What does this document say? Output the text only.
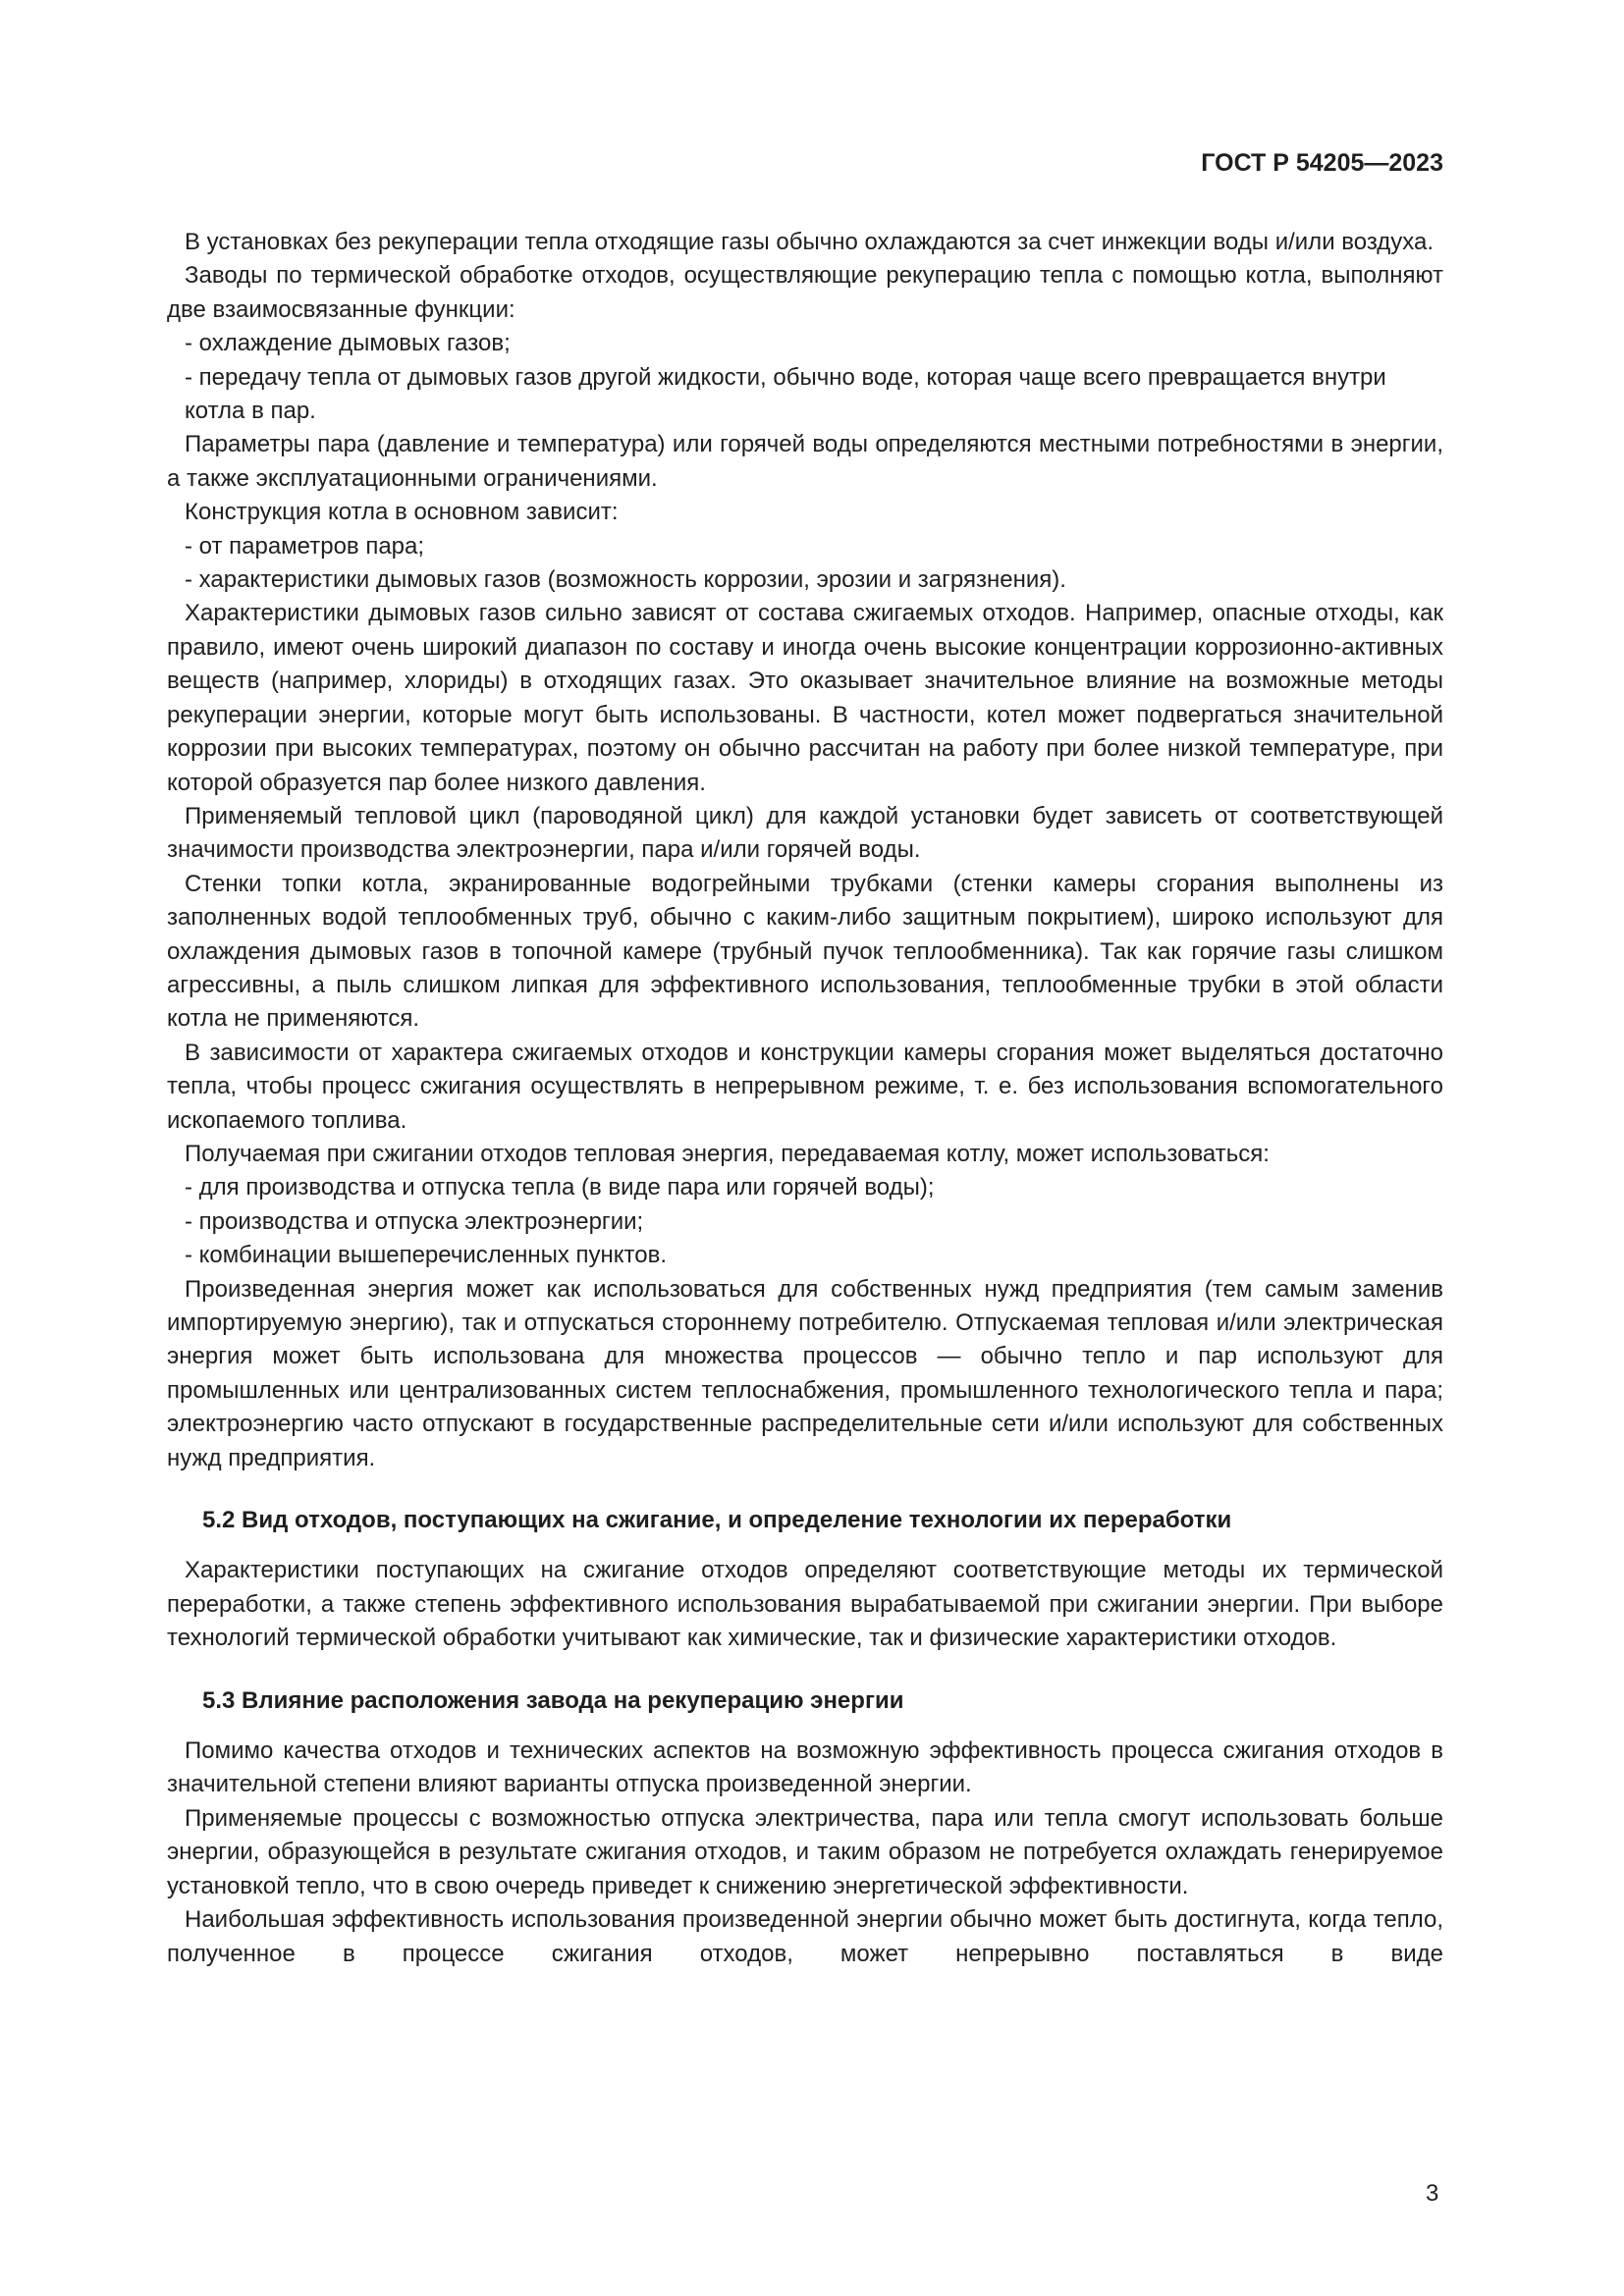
ГОСТ Р 54205—2023

В установках без рекуперации тепла отходящие газы обычно охлаждаются за счет инжекции воды и/или воздуха.

Заводы по термической обработке отходов, осуществляющие рекуперацию тепла с помощью котла, выполняют две взаимосвязанные функции:

- охлаждение дымовых газов;

- передачу тепла от дымовых газов другой жидкости, обычно воде, которая чаще всего превращается внутри котла в пар.

Параметры пара (давление и температура) или горячей воды определяются местными потребностями в энергии, а также эксплуатационными ограничениями.

Конструкция котла в основном зависит:

- от параметров пара;

- характеристики дымовых газов (возможность коррозии, эрозии и загрязнения).

Характеристики дымовых газов сильно зависят от состава сжигаемых отходов. Например, опасные отходы, как правило, имеют очень широкий диапазон по составу и иногда очень высокие концентрации коррозионно-активных веществ (например, хлориды) в отходящих газах. Это оказывает значительное влияние на возможные методы рекуперации энергии, которые могут быть использованы. В частности, котел может подвергаться значительной коррозии при высоких температурах, поэтому он обычно рассчитан на работу при более низкой температуре, при которой образуется пар более низкого давления.

Применяемый тепловой цикл (пароводяной цикл) для каждой установки будет зависеть от соответствующей значимости производства электроэнергии, пара и/или горячей воды.

Стенки топки котла, экранированные водогрейными трубками (стенки камеры сгорания выполнены из заполненных водой теплообменных труб, обычно с каким-либо защитным покрытием), широко используют для охлаждения дымовых газов в топочной камере (трубный пучок теплообменника). Так как горячие газы слишком агрессивны, а пыль слишком липкая для эффективного использования, теплообменные трубки в этой области котла не применяются.

В зависимости от характера сжигаемых отходов и конструкции камеры сгорания может выделяться достаточно тепла, чтобы процесс сжигания осуществлять в непрерывном режиме, т. е. без использования вспомогательного ископаемого топлива.

Получаемая при сжигании отходов тепловая энергия, передаваемая котлу, может использоваться:

- для производства и отпуска тепла (в виде пара или горячей воды);

- производства и отпуска электроэнергии;

- комбинации вышеперечисленных пунктов.

Произведенная энергия может как использоваться для собственных нужд предприятия (тем самым заменив импортируемую энергию), так и отпускаться стороннему потребителю. Отпускаемая тепловая и/или электрическая энергия может быть использована для множества процессов — обычно тепло и пар используют для промышленных или централизованных систем теплоснабжения, промышленного технологического тепла и пара; электроэнергию часто отпускают в государственные распределительные сети и/или используют для собственных нужд предприятия.

5.2 Вид отходов, поступающих на сжигание, и определение технологии их переработки

Характеристики поступающих на сжигание отходов определяют соответствующие методы их термической переработки, а также степень эффективного использования вырабатываемой при сжигании энергии. При выборе технологий термической обработки учитывают как химические, так и физические характеристики отходов.

5.3 Влияние расположения завода на рекуперацию энергии

Помимо качества отходов и технических аспектов на возможную эффективность процесса сжигания отходов в значительной степени влияют варианты отпуска произведенной энергии.

Применяемые процессы с возможностью отпуска электричества, пара или тепла смогут использовать больше энергии, образующейся в результате сжигания отходов, и таким образом не потребуется охлаждать генерируемое установкой тепло, что в свою очередь приведет к снижению энергетической эффективности.

Наибольшая эффективность использования произведенной энергии обычно может быть достигнута, когда тепло, полученное в процессе сжигания отходов, может непрерывно поставляться в виде

3
